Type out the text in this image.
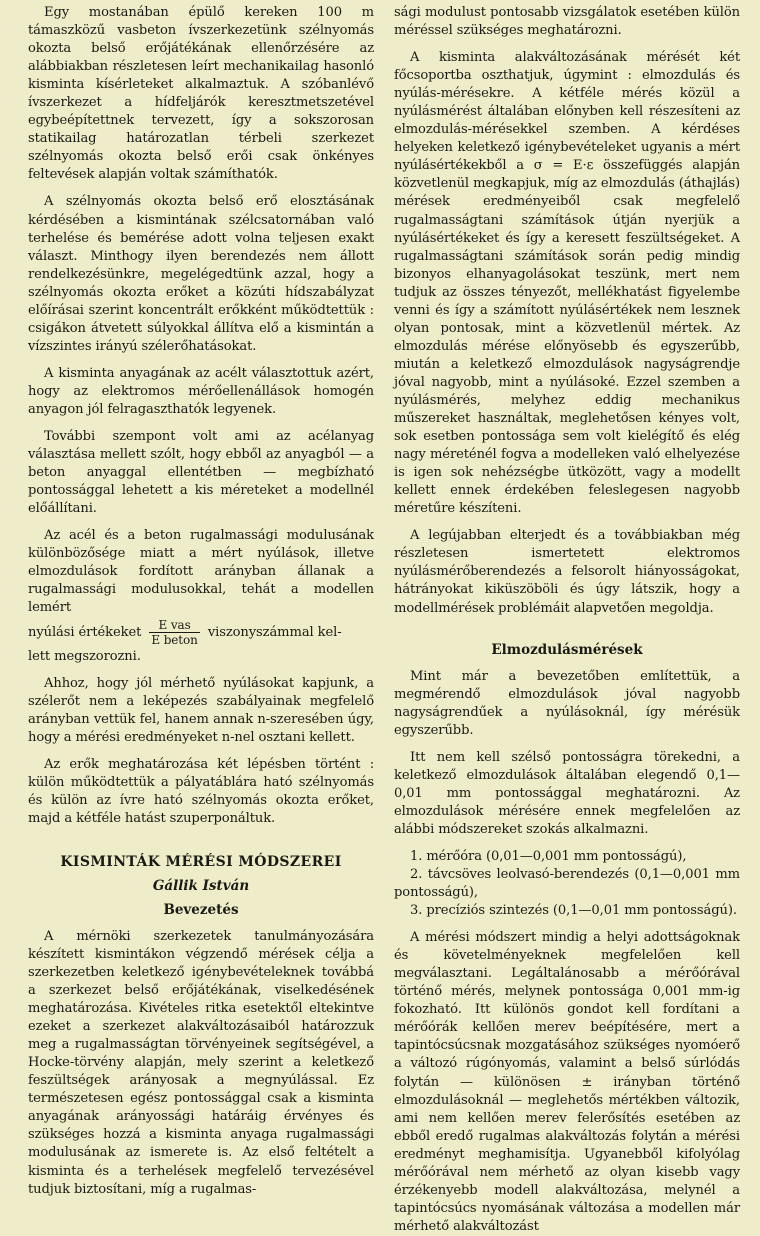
Egy mostanában épülő kereken 100 m támaszközű vasbeton ívszerkezetünk szélnyomás okozta belső erőjátékának ellenőrzésére az alábbiakban részletesen leírt mechanikailag hasonló kisminta kísérleteket alkalmaztuk. A szóbanlévő ívszerkezet a hídfeljárók keresztmetszetével egybeépítettnek tervezett, így a sokszorosan statikailag határozatlan térbeli szerkezet szélnyomás okozta belső erői csak önkényes feltevések alapján voltak számíthatók.

A szélnyomás okozta belső erő elosztásának kérdésében a kismintának szélcsatornában való terhelése és bemérése adott volna teljesen exakt választ. Minthogy ilyen berendezés nem állott rendelkezésünkre, megelégedtünk azzal, hogy a szélnyomás okozta erőket a közúti hídszabályzat előírásai szerint koncentrált erőkként működtettük : csigákon átvetett súlyokkal állítva elő a kismintán a vízszintes irányú szélerőhatásokat.

A kisminta anyagának az acélt választottuk azért, hogy az elektromos mérőellenállások homogén anyagon jól felragaszthatók legyenek.

További szempont volt ami az acélanyag választása mellett szólt, hogy ebből az anyagból — a beton anyaggal ellentétben — megbízható pontossággal lehetett a kis méreteket a modellnél előállítani.

Az acél és a beton rugalmassági modulusának különbözősége miatt a mért nyúlások, illetve elmozdulások fordított arányban állanak a rugalmassági modulusokkal, tehát a modellen lemért

nyúlási értékeket $\frac{\text{E vas}}{\text{E beton}}$ viszonyszámmal kel-

lett megszorozni.

Ahhoz, hogy jól mérhető nyúlásokat kapjunk, a szélerőt nem a leképezés szabályainak megfelelő arányban vettük fel, hanem annak n-szeresében úgy, hogy a mérési eredményeket n-nel osztani kellett.

Az erők meghatározása két lépésben történt : külön működtettük a pályatáblára ható szélnyomás és külön az ívre ható szélnyomás okozta erőket, majd a kétféle hatást szuperponáltuk.

KISMINTÁK MÉRÉSI MÓDSZEREI
Gállik István
Bevezetés

A mérnöki szerkezetek tanulmányozására készített kismintákon végzendő mérések célja a szerkezetben keletkező igénybevételeknek továbbá a szerkezet belső erőjátékának, viselkedésének meghatározása. Kivételes ritka esetektől eltekintve ezeket a szerkezet alakváltozásaiból határozzuk meg a rugalmasságtan törvényeinek segítségével, a Hocke-törvény alapján, mely szerint a keletkező feszültségek arányosak a megnyúlással. Ez természetesen egész pontossággal csak a kisminta anyagának arányossági határáig érvényes és szükséges hozzá a kisminta anyaga rugalmassági modulusának az ismerete is. Az első feltételt a kisminta és a terhelések megfelelő tervezésével tudjuk biztosítani, míg a rugalmas-

sági modulust pontosabb vizsgálatok esetében külön méréssel szükséges meghatározni.

A kisminta alakváltozásának mérését két főcsoportba oszthatjuk, úgymint : elmozdulás és nyúlás-mérésekre. A kétféle mérés közül a nyúlásmérést általában előnyben kell részesíteni az elmozdulás-mérésekkel szemben. A kérdéses helyeken keletkező igénybevételeket ugyanis a mért nyúlásértékekből a σ = E·ε összefüggés alapján közvetlenül megkapjuk, míg az elmozdulás (áthajlás) mérések eredményeiből csak megfelelő rugalmasságtani számítások útján nyerjük a nyúlásértékeket és így a keresett feszültségeket. A rugalmasságtani számítások során pedig mindig bizonyos elhanyagolásokat teszünk, mert nem tudjuk az összes tényezőt, mellékhatást figyelembe venni és így a számított nyúlásértékek nem lesznek olyan pontosak, mint a közvetlenül mértek. Az elmozdulás mérése előnyösebb és egyszerűbb, miután a keletkező elmozdulások nagyságrendje jóval nagyobb, mint a nyúlásoké. Ezzel szemben a nyúlásmérés, melyhez eddig mechanikus műszereket használtak, meglehetősen kényes volt, sok esetben pontossága sem volt kielégítő és elég nagy méreténél fogva a modelleken való elhelyezése is igen sok nehézségbe ütközött, vagy a modellt kellett ennek érdekében feleslegesen nagyobb méretűre készíteni.

A legújabban elterjedt és a továbbiakban még részletesen ismertetett elektromos nyúlásmérőberendezés a felsorolt hiányosságokat, hátrányokat kiküszöböli és úgy látszik, hogy a modellmérések problémáit alapvetően megoldja.

Elmozdulásmérések

Mint már a bevezetőben említettük, a megmérendő elmozdulások jóval nagyobb nagyságrendűek a nyúlásoknál, így mérésük egyszerűbb.

Itt nem kell szélső pontosságra törekedni, a keletkező elmozdulások általában elegendő 0,1—0,01 mm pontossággal meghatározni. Az elmozdulások mérésére ennek megfelelően az alábbi módszereket szokás alkalmazni.

1. mérőóra (0,01—0,001 mm pontosságú),

2. távcsöves leolvasó-berendezés (0,1—0,001 mm pontosságú),

3. precíziós szintezés (0,1—0,01 mm pontosságú).

A mérési módszert mindig a helyi adottságoknak és követelményeknek megfelelően kell megválasztani. Legáltalánosabb a mérőórával történő mérés, melynek pontossága 0,001 mm-ig fokozható. Itt különös gondot kell fordítani a mérőórák kellően merev beépítésére, mert a tapintócsúcsnak mozgatásához szükséges nyomóerő a változó rúgónyomás, valamint a belső súrlódás folytán — különösen ± irányban történő elmozdulásoknál — meglehetős mértékben változik, ami nem kellően merev felerősítés esetében az ebből eredő rugalmas alakváltozás folytán a mérési eredményt meghamisítja. Ugyanebből kifolyólag mérőórával nem mérhető az olyan kisebb vagy érzékenyebb modell alakváltozása, melynél a tapintócsúcs nyomásának változása a modellen már mérhető alakváltozást
